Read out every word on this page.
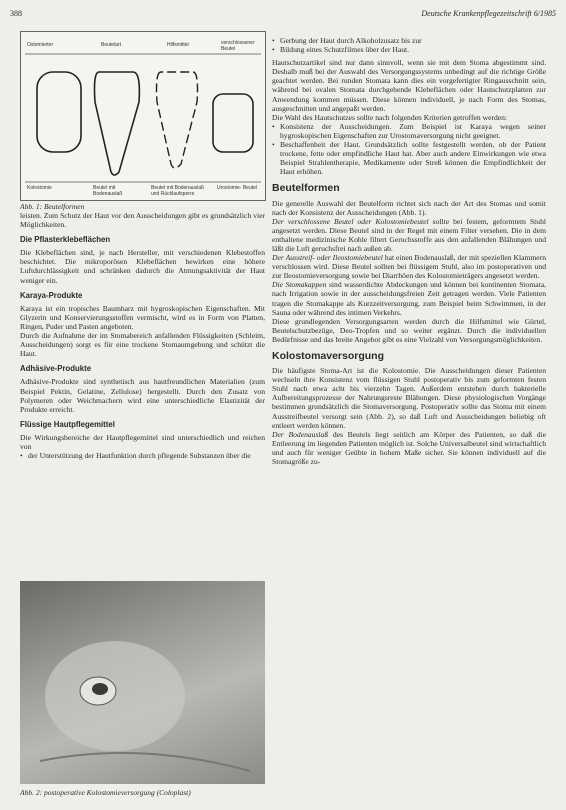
388	Deutsche Krankenpflegezeitschrift 6/1985
Ostomierter	Beutelart	Hilfsmittel	verschlossener Beutel
Kolostomie	Beutel mit Bodenauslaß
Beutel mit Bodenauslaß und Rücklaufsperre
Urostomie- Beutel
Abb. 1: Beutelformen

leisten. Zum Schutz der Haut vor den Ausscheidungen gibt es grundsätzlich vier Möglichkeiten.

Die Pflasterklebeflächen

Die Klebeflächen sind, je nach Hersteller, mit verschiedenen Klebestoffen beschichtet. Die mikroporösen Klebeflächen bewirken eine höhere Luftdurchlässigkeit und schränken dadurch die Atmungsaktivität der Haut weniger ein.

Karaya-Produkte

Karaya ist ein tropisches Baumharz mit hygroskopischen Eigenschaften. Mit Glyzerin und Konservierungsstoffen vermischt, wird es in Form von Platten, Ringen, Puder und Pasten angeboten.

Durch die Aufnahme der im Stomabereich anfallenden Flüssigkeiten (Schleim, Ausscheidungen) sorgt es für eine trockene Stomaumgebung und schützt die Haut.

Adhäsive-Produkte

Adhäsive-Produkte sind synthetisch aus hautfreundlichen Materialien (zum Beispiel Pektin, Gelatine, Zellulose) hergestellt. Durch den Zusatz von Polymeren oder Weichmachern wird eine unterschiedliche Elastizität der Produkte erreicht.

Flüssige Hautpflegemittel

Die Wirkungsbereiche der Hautpflegemittel sind unterschiedlich und reichen von

• der Unterstützung der Hautfunktion durch pflegende Substanzen über die
Abb. 2: postoperative Kolostomieversorgung (Coloplast)
• Gerbung der Haut durch Alkoholzusatz bis zur
• Bildung eines Schutzfilmes über der Haut.

Hautschutzartikel sind nur dann sinnvoll, wenn sie mit dem Stoma abgestimmt sind. Deshalb muß bei der Auswahl des Versorgungssystems unbedingt auf die richtige Größe geachtet werden. Bei runden Stomata kann dies ein vorgefertigter Ringausschnitt sein, während bei ovalen Stomata durchgehende Klebeflächen oder Hautschutzplatten zur Anwendung kommen müssen. Diese können individuell, je nach Form des Stomas, ausgeschnitten und angepaßt werden.

Die Wahl des Hautschutzes sollte nach folgenden Kriterien getroffen werden:

• Konsistenz der Ausscheidungen. Zum Beispiel ist Karaya wegen seiner hygroskopischen Eigenschaften zur Urostomaversorgung nicht geeignet.
• Beschaffenheit der Haut. Grundsätzlich sollte festgestellt werden, ob der Patient trockene, fette oder empfindliche Haut hat. Aber auch andere Einwirkungen wie etwa Beispiel Strahlentherapie, Medikamente oder Streß können die Empfindlichkeit der Haut erhöhen.
Beutelformen

Die generelle Auswahl der Beutelform richtet sich nach der Art des Stomas und somit nach der Konsistenz der Ausscheidungen (Abb. 1).

Der verschlossene Beutel oder Kolostomiebeutel sollte bei festem, geformtem Stuhl angesetzt werden. Diese Beutel sind in der Regel mit einem Filter versehen. Die in dem enthaltene medizinische Kohle filtert Geruchsstoffe aus den anfallenden Blähungen und läßt die Luft geruchsfrei nach außen ab.

Der Ausstreif- oder Ileostomiebeutel hat einen Bodenauslaß, der mit speziellen Klammern verschlossen wird. Diese Beutel sollten bei flüssigem Stuhl, also im postoperativen und zur Ileostomieversorgung sowie bei Diarrhöen des Kolostomieträgers angesetzt werden.

Die Stomakappen sind wasserdichte Abdeckungen und können bei kontinenten Stomata, nach Irrigation sowie in der ausscheidungsfreien Zeit getragen werden. Viele Patienten tragen die Stomakappe als Kurzzeitversorgung, zum Beispiel beim Schwimmen, in der Sauna oder während des intimen Verkehrs.

Diese grundlegenden Versorgungsarten werden durch die Hilfsmittel wie Gürtel, Beutelschutzbezüge, Deo-Tropfen und so weiter ergänzt. Durch die individuellen Bedürfnisse und das breite Angebot gibt es eine Vielzahl von Versorgungsmöglichkeiten.

Kolostomaversorgung

Die häufigste Stoma-Art ist die Kolostomie. Die Ausscheidungen dieser Patienten wechseln ihre Konsistenz vom flüssigen Stuhl postoperativ bis zum geformten festen Stuhl nach etwa acht bis vierzehn Tagen. Außerdem entstehen durch bakterielle Aufbereitungsprozesse der Nahrungsreste Blähungen. Diese physiologischen Vorgänge bestimmen grundsätzlich die Stomaversorgung. Postoperativ sollte das Stoma mit einem Ausstreifbeutel versorgt sein (Abb. 2), so daß Luft und Ausscheidungen beliebig oft entleert werden können.

Der Bodenauslaß des Beutels liegt seitlich am Körper des Patienten, so daß die Entleerung im liegenden Patienten möglich ist. Solche Universalbeutel sind wirtschaftlich und auch für weniger Geübte in hohem Maße sicher. Sie können individuell auf die Stomagröße zu-
